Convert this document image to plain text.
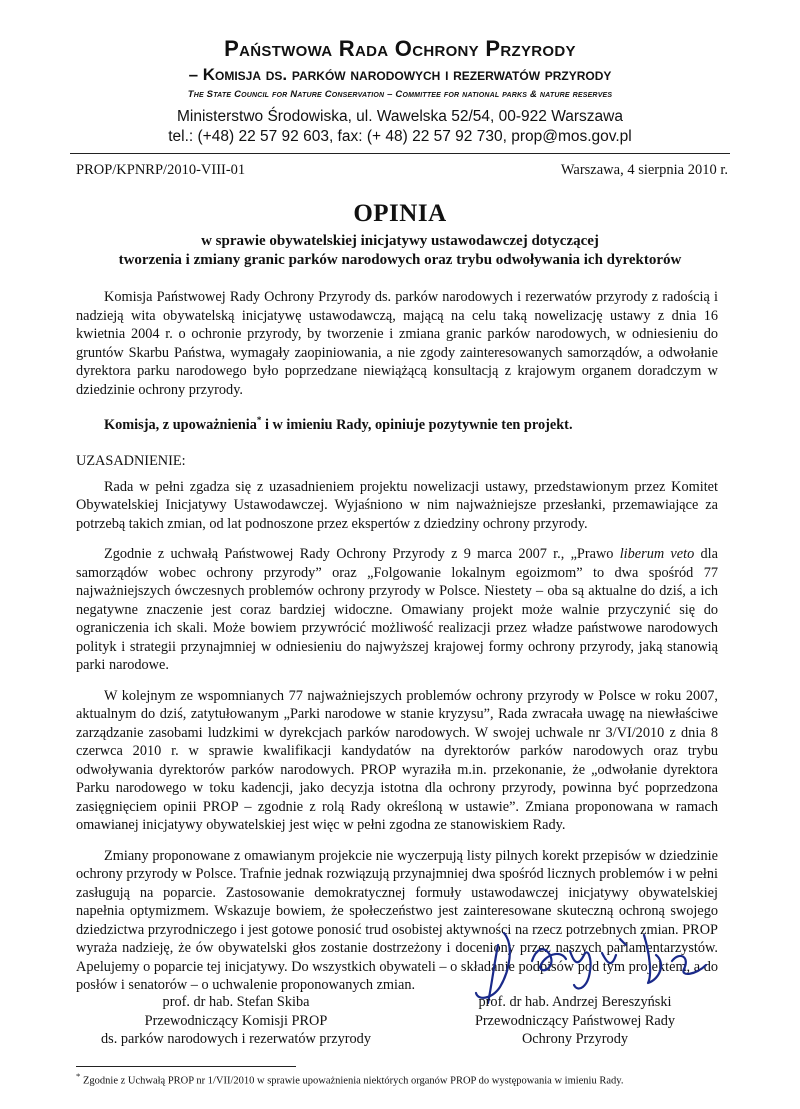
Państwowa Rada Ochrony Przyrody
– Komisja ds. parków narodowych i rezerwatów przyrody
The State Council for Nature Conservation – Committee for national parks & nature reserves
Ministerstwo Środowiska, ul. Wawelska 52/54, 00-922 Warszawa
tel.: (+48) 22 57 92 603, fax: (+ 48) 22 57 92 730, prop@mos.gov.pl
PROP/KPNRP/2010-VIII-01	Warszawa, 4 sierpnia 2010 r.
OPINIA
w sprawie obywatelskiej inicjatywy ustawodawczej dotyczącej
tworzenia i zmiany granic parków narodowych oraz trybu odwoływania ich dyrektorów

Komisja Państwowej Rady Ochrony Przyrody ds. parków narodowych i rezerwatów przyrody z radością i nadzieją wita obywatelską inicjatywę ustawodawczą, mającą na celu taką nowelizację ustawy z dnia 16 kwietnia 2004 r. o ochronie przyrody, by tworzenie i zmiana granic parków narodowych, w odniesieniu do gruntów Skarbu Państwa, wymagały zaopiniowania, a nie zgody zainteresowanych samorządów, a odwołanie dyrektora parku narodowego było poprzedzane niewiążącą konsultacją z krajowym organem doradczym w dziedzinie ochrony przyrody.

Komisja, z upoważnienia* i w imieniu Rady, opiniuje pozytywnie ten projekt.

UZASADNIENIE:

Rada w pełni zgadza się z uzasadnieniem projektu nowelizacji ustawy, przedstawionym przez Komitet Obywatelskiej Inicjatywy Ustawodawczej. Wyjaśniono w nim najważniejsze przesłanki, przemawiające za potrzebą takich zmian, od lat podnoszone przez ekspertów z dziedziny ochrony przyrody.

Zgodnie z uchwałą Państwowej Rady Ochrony Przyrody z 9 marca 2007 r., „Prawo liberum veto dla samorządów wobec ochrony przyrody” oraz „Folgowanie lokalnym egoizmom” to dwa spośród 77 najważniejszych ówczesnych problemów ochrony przyrody w Polsce. Niestety – oba są aktualne do dziś, a ich negatywne znaczenie jest coraz bardziej widoczne. Omawiany projekt może walnie przyczynić się do ograniczenia ich skali. Może bowiem przywrócić możliwość realizacji przez władze państwowe narodowych polityk i strategii przynajmniej w odniesieniu do najwyższej krajowej formy ochrony przyrody, jaką stanowią parki narodowe.

W kolejnym ze wspomnianych 77 najważniejszych problemów ochrony przyrody w Polsce w roku 2007, aktualnym do dziś, zatytułowanym „Parki narodowe w stanie kryzysu”, Rada zwracała uwagę na niewłaściwe zarządzanie zasobami ludzkimi w dyrekcjach parków narodowych. W swojej uchwale nr 3/VI/2010 z dnia 8 czerwca 2010 r. w sprawie kwalifikacji kandydatów na dyrektorów parków narodowych oraz trybu odwoływania dyrektorów parków narodowych. PROP wyraziła m.in. przekonanie, że „odwołanie dyrektora Parku narodowego w toku kadencji, jako decyzja istotna dla ochrony przyrody, powinna być poprzedzona zasięgnięciem opinii PROP – zgodnie z rolą Rady określoną w ustawie”. Zmiana proponowana w ramach omawianej inicjatywy obywatelskiej jest więc w pełni zgodna ze stanowiskiem Rady.

Zmiany proponowane z omawianym projekcie nie wyczerpują listy pilnych korekt przepisów w dziedzinie ochrony przyrody w Polsce. Trafnie jednak rozwiązują przynajmniej dwa spośród licznych problemów i w pełni zasługują na poparcie. Zastosowanie demokratycznej formuły ustawodawczej inicjatywy obywatelskiej napełnia optymizmem. Wskazuje bowiem, że społeczeństwo jest zainteresowane skuteczną ochroną swojego dziedzictwa przyrodniczego i jest gotowe ponosić trud osobistej aktywności na rzecz potrzebnych zmian. PROP wyraża nadzieję, że ów obywatelski głos zostanie dostrzeżony i doceniony przez naszych parlamentarzystów. Apelujemy o poparcie tej inicjatywy. Do wszystkich obywateli – o składanie podpisów pod tym projektem, a do posłów i senatorów – o uchwalenie proponowanych zmian.

prof. dr hab. Stefan Skiba
Przewodniczący Komisji PROP
ds. parków narodowych i rezerwatów przyrody
prof. dr hab. Andrzej Bereszyński
Przewodniczący Państwowej Rady
Ochrony Przyrody
* Zgodnie z Uchwałą PROP nr 1/VII/2010 w sprawie upoważnienia niektórych organów PROP do występowania w imieniu Rady.
